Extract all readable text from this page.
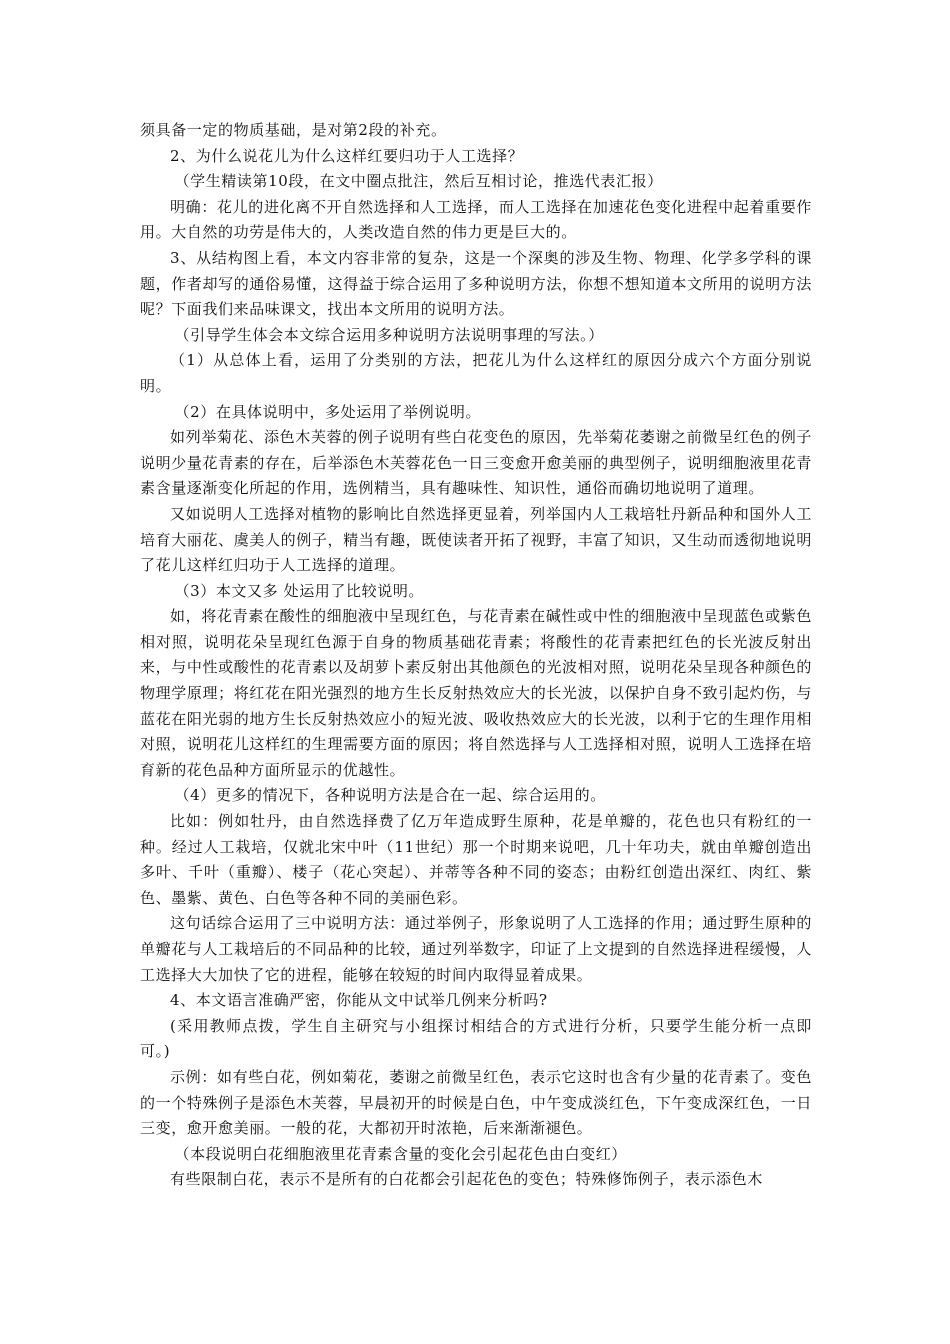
须具备一定的物质基础，是对第2段的补充。

2、为什么说花儿为什么这样红要归功于人工选择？

（学生精读第10段，在文中圈点批注，然后互相讨论，推选代表汇报）

明确：花儿的进化离不开自然选择和人工选择，而人工选择在加速花色变化进程中起着重要作用。大自然的功劳是伟大的，人类改造自然的伟力更是巨大的。

3、从结构图上看，本文内容非常的复杂，这是一个深奥的涉及生物、物理、化学多学科的课题，作者却写的通俗易懂，这得益于综合运用了多种说明方法，你想不想知道本文所用的说明方法呢？下面我们来品味课文，找出本文所用的说明方法。

（引导学生体会本文综合运用多种说明方法说明事理的写法。）

（1）从总体上看，运用了分类别的方法，把花儿为什么这样红的原因分成六个方面分别说明。

（2）在具体说明中，多处运用了举例说明。

如列举菊花、添色木芙蓉的例子说明有些白花变色的原因，先举菊花萎谢之前微呈红色的例子说明少量花青素的存在，后举添色木芙蓉花色一日三变愈开愈美丽的典型例子，说明细胞液里花青素含量逐渐变化所起的作用，选例精当，具有趣味性、知识性，通俗而确切地说明了道理。

又如说明人工选择对植物的影响比自然选择更显着，列举国内人工栽培牡丹新品种和国外人工培育大丽花、虞美人的例子，精当有趣，既使读者开拓了视野，丰富了知识，又生动而透彻地说明了花儿这样红归功于人工选择的道理。

（3）本文又多 处运用了比较说明。

如，将花青素在酸性的细胞液中呈现红色，与花青素在碱性或中性的细胞液中呈现蓝色或紫色相对照，说明花朵呈现红色源于自身的物质基础花青素；将酸性的花青素把红色的长光波反射出来，与中性或酸性的花青素以及胡萝卜素反射出其他颜色的光波相对照，说明花朵呈现各种颜色的物理学原理；将红花在阳光强烈的地方生长反射热效应大的长光波，以保护自身不致引起灼伤，与蓝花在阳光弱的地方生长反射热效应小的短光波、吸收热效应大的长光波，以利于它的生理作用相对照，说明花儿这样红的生理需要方面的原因；将自然选择与人工选择相对照，说明人工选择在培育新的花色品种方面所显示的优越性。

（4）更多的情况下，各种说明方法是合在一起、综合运用的。

比如：例如牡丹，由自然选择费了亿万年造成野生原种，花是单瓣的，花色也只有粉红的一种。经过人工栽培，仅就北宋中叶（11世纪）那一个时期来说吧，几十年功夫，就由单瓣创造出多叶、千叶（重瓣）、楼子（花心突起）、并蒂等各种不同的姿态；由粉红创造出深红、肉红、紫色、墨紫、黄色、白色等各种不同的美丽色彩。

这句话综合运用了三中说明方法：通过举例子，形象说明了人工选择的作用；通过野生原种的单瓣花与人工栽培后的不同品种的比较，通过列举数字，印证了上文提到的自然选择进程缓慢，人工选择大大加快了它的进程，能够在较短的时间内取得显着成果。

4、本文语言准确严密，你能从文中试举几例来分析吗?

(采用教师点拨，学生自主研究与小组探讨相结合的方式进行分析，只要学生能分析一点即可。)

示例：如有些白花，例如菊花，萎谢之前微呈红色，表示它这时也含有少量的花青素了。变色的一个特殊例子是添色木芙蓉，早晨初开的时候是白色，中午变成淡红色，下午变成深红色，一日三变，愈开愈美丽。一般的花，大都初开时浓艳，后来渐渐褪色。

（本段说明白花细胞液里花青素含量的变化会引起花色由白变红）

有些限制白花，表示不是所有的白花都会引起花色的变色；特殊修饰例子，表示添色木
